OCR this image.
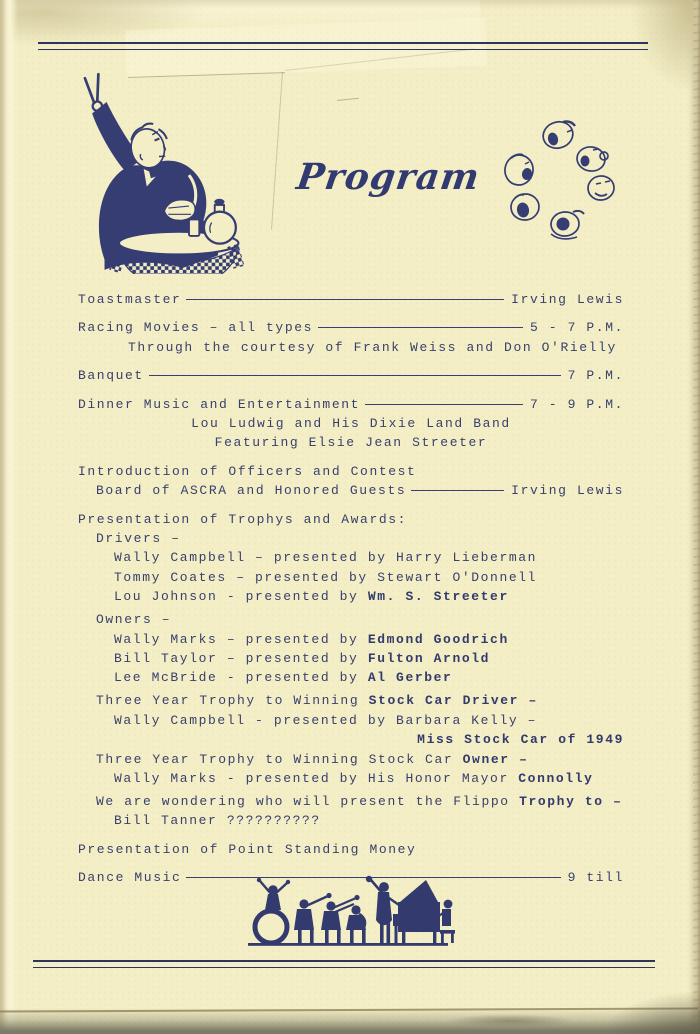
Program
Toastmaster	Irving Lewis
Racing Movies – all types	5 - 7 P.M.
Through the courtesy of Frank Weiss and Don O'Rielly
Banquet	7 P.M.
Dinner Music and Entertainment	7 - 9 P.M.
Lou Ludwig and His Dixie Land Band
Featuring Elsie Jean Streeter
Introduction of Officers and Contest
Board of ASCRA and Honored Guests	Irving Lewis
Presentation of Trophys and Awards:
Drivers –
Wally Campbell – presented by Harry Lieberman
Tommy Coates – presented by Stewart O'Donnell
Lou Johnson - presented by Wm. S. Streeter
Owners –
Wally Marks – presented by Edmond Goodrich
Bill Taylor – presented by Fulton Arnold
Lee McBride - presented by Al Gerber
Three Year Trophy to Winning Stock Car Driver –
Wally Campbell - presented by Barbara Kelly –
Miss Stock Car of 1949
Three Year Trophy to Winning Stock Car Owner –
Wally Marks - presented by His Honor Mayor Connolly
We are wondering who will present the Flippo Trophy to –
Bill Tanner ??????????
Presentation of Point Standing Money
Dance Music	9 till
